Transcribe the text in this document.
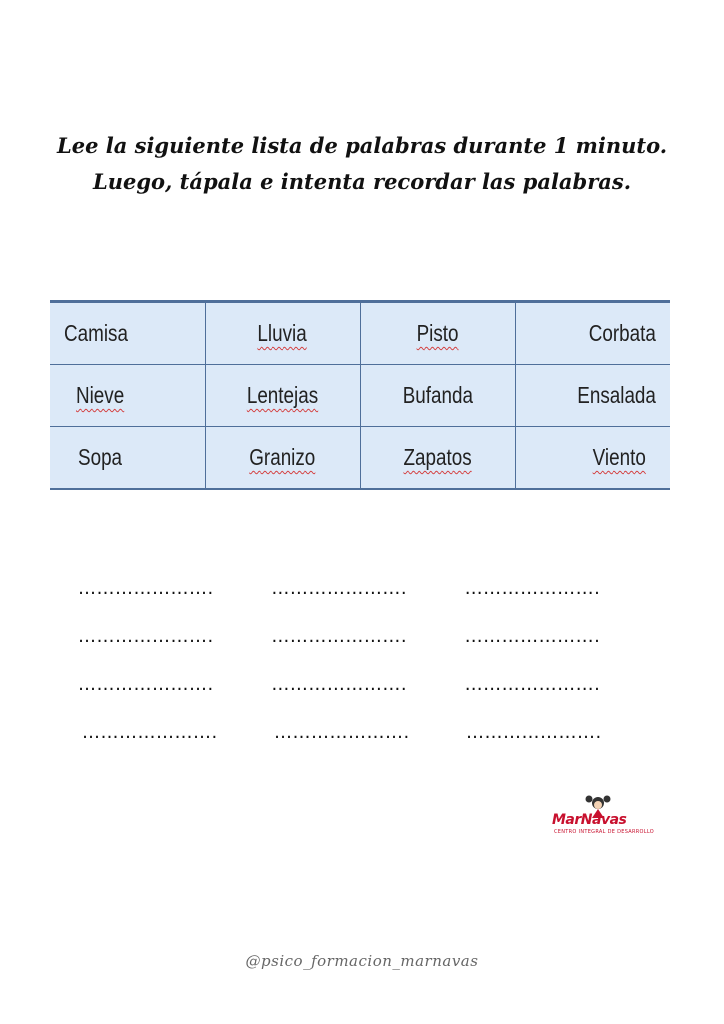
Lee la siguiente lista de palabras durante 1 minuto.
Luego, tápala e intenta recordar las palabras.
Camisa	Lluvia	Pisto	Corbata
Nieve	Lentejas	Bufanda	Ensalada
Sopa	Granizo	Zapatos	Viento
………………….	………………….	………………….
………………….	………………….	………………….
………………….	………………….	………………….
………………….	………………….	………………….
MarNavas
CENTRO INTEGRAL DE DESARROLLO
@psico_formacion_marnavas
